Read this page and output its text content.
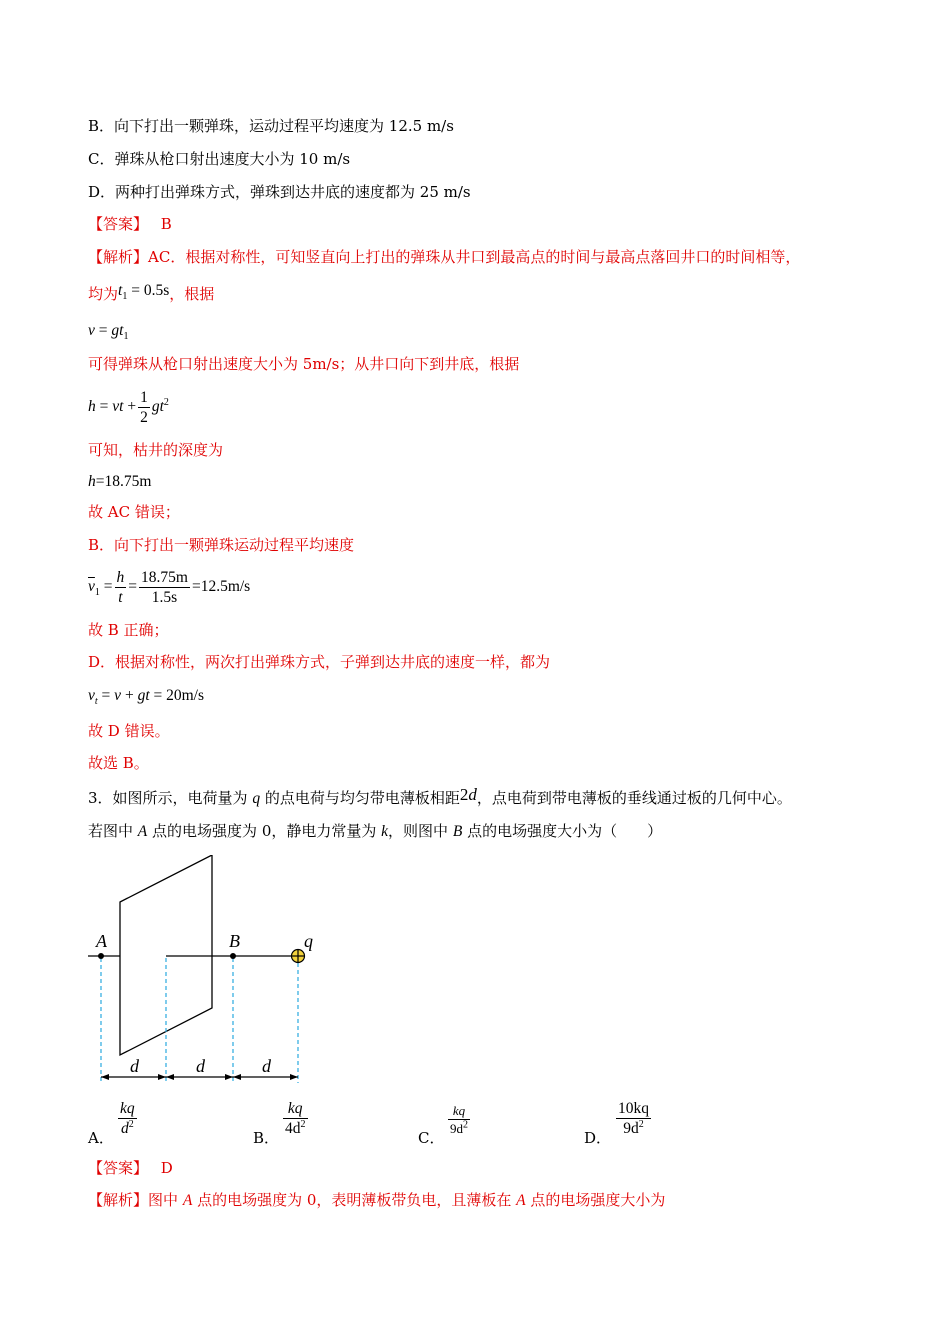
B．向下打出一颗弹珠，运动过程平均速度为 12.5 m/s
C．弹珠从枪口射出速度大小为 10 m/s
D．两种打出弹珠方式，弹珠到达井底的速度都为 25 m/s
【答案】 B
【解析】AC．根据对称性，可知竖直向上打出的弹珠从井口到最高点的时间与最高点落回井口的时间相等，
均为$t_1 = 0.5s$，根据
$v = gt_1$
可得弹珠从枪口射出速度大小为 5m/s；从井口向下到井底，根据
h = vt + $\frac{1}{2} gt^2$
可知，枯井的深度为
h=18.75m
故 AC 错误；
B．向下打出一颗弹珠运动过程平均速度
$\overline{v}_1 = \frac{h}{t} = \frac{18.75m}{1.5s} =12.5m/s$
故 B 正确；
D．根据对称性，两次打出弹珠方式，子弹到达井底的速度一样，都为
$v_t = v$ + gt = 20m/s
故 D 错误。
故选 B。
3．如图所示，电荷量为 q 的点电荷与均匀带电薄板相距2d，点电荷到带电薄板的垂线通过板的几何中心。
若图中 A 点的电场强度为 0，静电力常量为 k，则图中 B 点的电场强度大小为（　　）
A	B	q
d	d	d
A．
$\frac{kq}{d^2}$
B．
$\frac{kq}{4d^2}$
C．
$\frac{kq}{9d^2}$
D．
$\frac{10kq}{9d^2}$
【答案】 D
【解析】图中 A 点的电场强度为 0，表明薄板带负电，且薄板在 A 点的电场强度大小为
